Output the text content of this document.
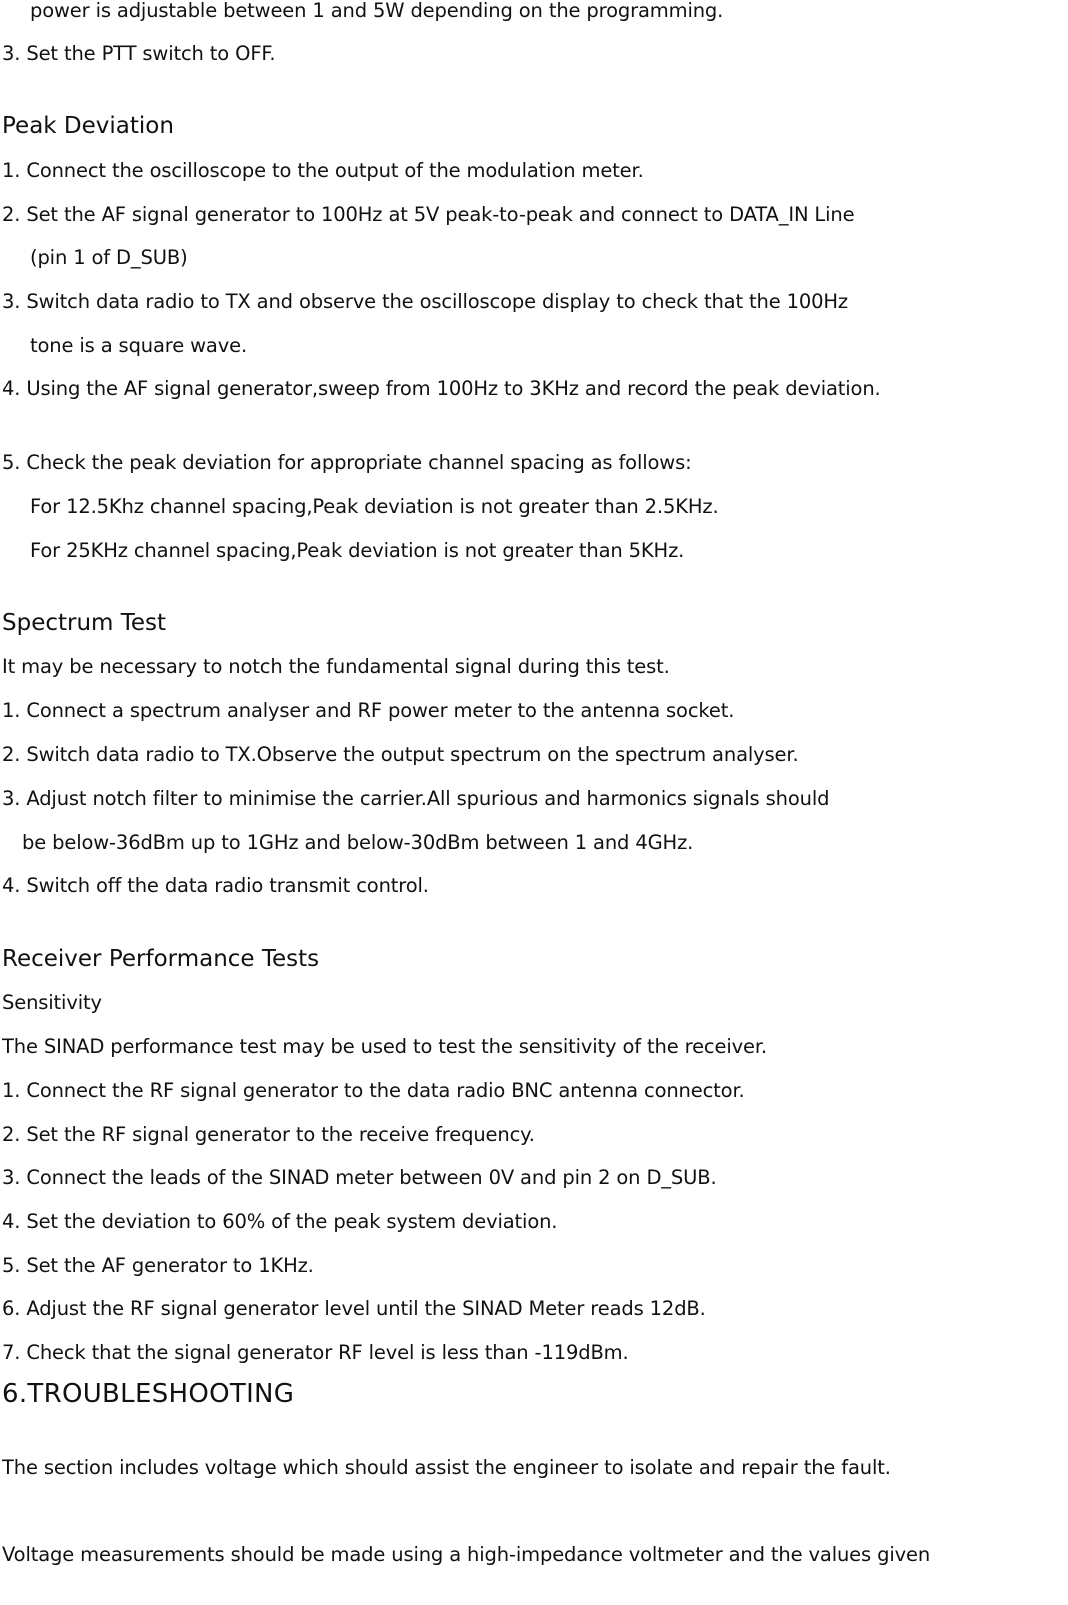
power is adjustable between 1 and 5W depending on the programming.
3. Set the PTT switch to OFF.
Peak Deviation
1. Connect the oscilloscope to the output of the modulation meter.
2. Set the AF signal generator to 100Hz at 5V peak-to-peak and connect to DATA_IN Line
(pin 1 of D_SUB)
3. Switch data radio to TX and observe the oscilloscope display to check that the 100Hz
tone is a square wave.
4. Using the AF signal generator,sweep from 100Hz to 3KHz and record the peak deviation.
5. Check the peak deviation for appropriate channel spacing as follows:
For 12.5Khz channel spacing,Peak deviation is not greater than 2.5KHz.
For 25KHz channel spacing,Peak deviation is not greater than 5KHz.
Spectrum Test
It may be necessary to notch the fundamental signal during this test.
1. Connect a spectrum analyser and RF power meter to the antenna socket.
2. Switch data radio to TX.Observe the output spectrum on the spectrum analyser.
3. Adjust notch filter to minimise the carrier.All spurious and harmonics signals should
be below-36dBm up to 1GHz and below-30dBm between 1 and 4GHz.
4. Switch off the data radio transmit control.
Receiver Performance Tests
Sensitivity
The SINAD performance test may be used to test the sensitivity of the receiver.
1. Connect the RF signal generator to the data radio BNC antenna connector.
2. Set the RF signal generator to the receive frequency.
3. Connect the leads of the SINAD meter between 0V and pin 2 on D_SUB.
4. Set the deviation to 60% of the peak system deviation.
5. Set the AF generator to 1KHz.
6. Adjust the RF signal generator level until the SINAD Meter reads 12dB.
7. Check that the signal generator RF level is less than -119dBm.
6.TROUBLESHOOTING
The section includes voltage which should assist the engineer to isolate and repair the fault.
Voltage measurements should be made using a high-impedance voltmeter and the values given
